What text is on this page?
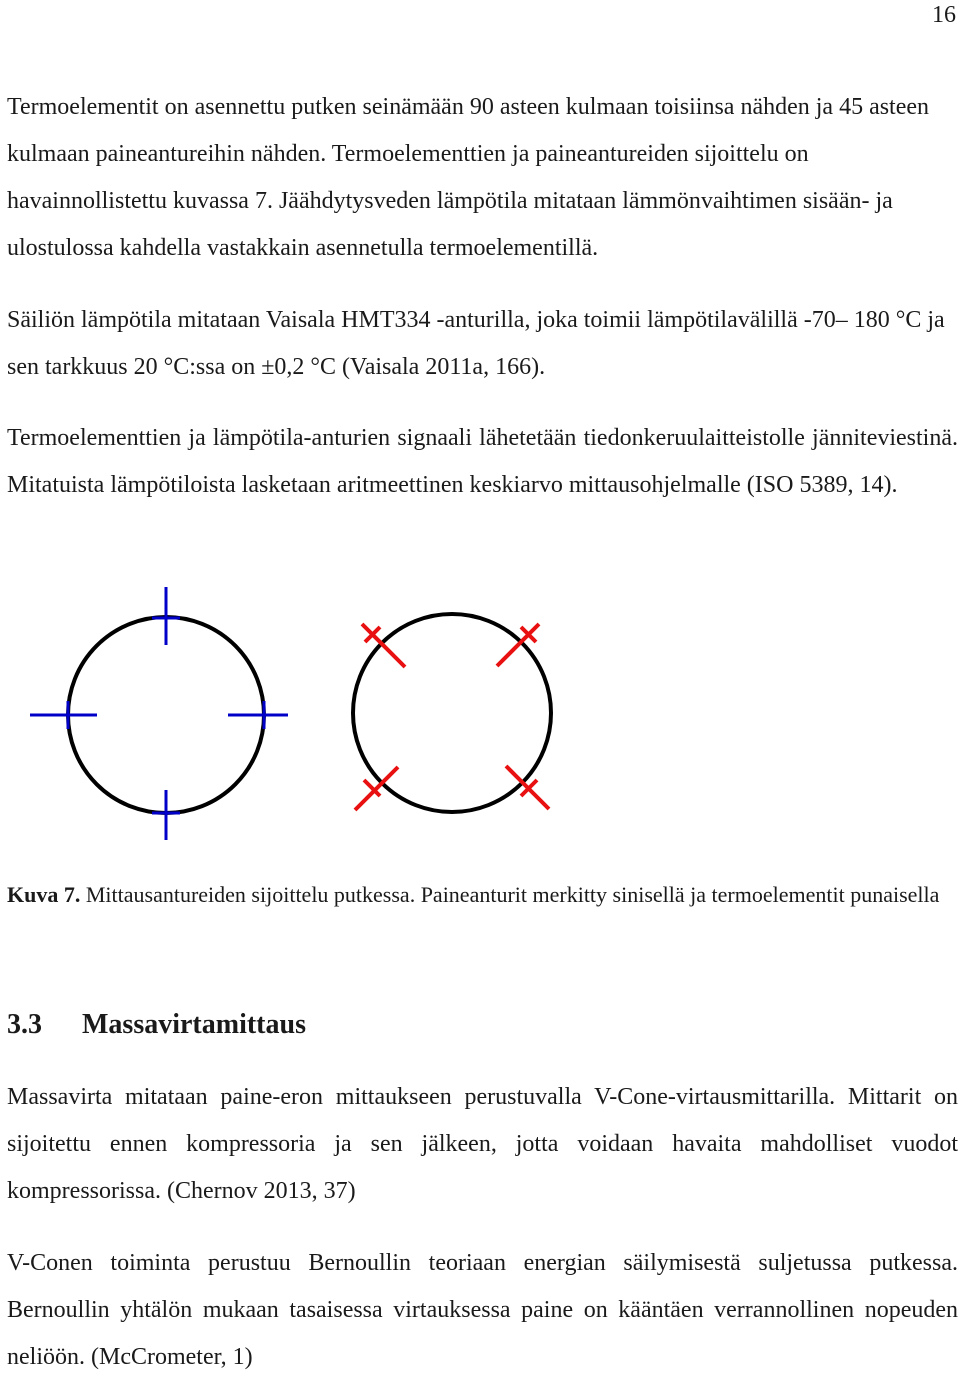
16

Termoelementit on asennettu putken seinämään 90 asteen kulmaan toisiinsa nähden ja 45 asteen kulmaan paineantureihin nähden. Termoelementtien ja paineantureiden sijoittelu on havainnollistettu kuvassa 7. Jäähdytysveden lämpötila mitataan lämmönvaihtimen sisään- ja ulostulossa kahdella vastakkain asennetulla termoelementillä.

Säiliön lämpötila mitataan Vaisala HMT334 -anturilla, joka toimii lämpötilavälillä -70– 180 °C ja sen tarkkuus 20 °C:ssa on ±0,2 °C (Vaisala 2011a, 166).

Termoelementtien ja lämpötila-anturien signaali lähetetään tiedonkeruulaitteistolle jänniteviestinä. Mitatuista lämpötiloista lasketaan aritmeettinen keskiarvo mittausohjelmalle (ISO 5389, 14).

Kuva 7. Mittausantureiden sijoittelu putkessa. Paineanturit merkitty sinisellä ja termoelementit punaisella

3.3 Massavirtamittaus

Massavirta mitataan paine-eron mittaukseen perustuvalla V-Cone-virtausmittarilla. Mittarit on sijoitettu ennen kompressoria ja sen jälkeen, jotta voidaan havaita mahdolliset vuodot kompressorissa. (Chernov 2013, 37)

V-Conen toiminta perustuu Bernoullin teoriaan energian säilymisestä suljetussa putkessa. Bernoullin yhtälön mukaan tasaisessa virtauksessa paine on kääntäen verrannollinen nopeuden neliöön. (McCrometer, 1)
